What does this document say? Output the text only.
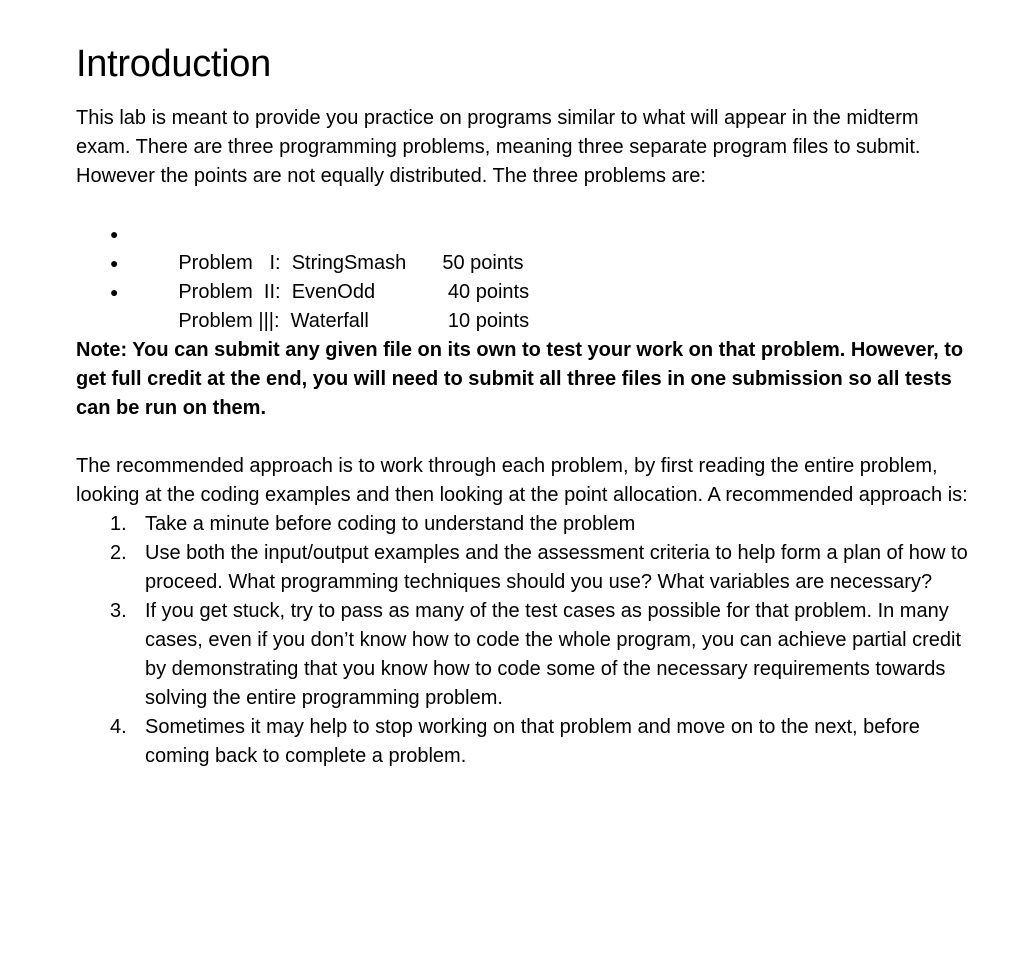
Introduction

This lab is meant to provide you practice on programs similar to what will appear in the midterm exam. There are three programming problems, meaning three separate program files to submit. However the points are not equally distributed. The three problems are:

●
Problem   I:  StringSmash 50 points

●
Problem  II:  EvenOdd	40 points

●
Problem |||:  Waterfall	10 points

Note: You can submit any given file on its own to test your work on that problem. However, to get full credit at the end, you will need to submit all three files in one submission so all tests can be run on them.

The recommended approach is to work through each problem, by first reading the entire problem, looking at the coding examples and then looking at the point allocation. A recommended approach is:

1. Take a minute before coding to understand the problem
2. Use both the input/output examples and the assessment criteria to help form a plan of how to proceed. What programming techniques should you use? What variables are necessary?
3. If you get stuck, try to pass as many of the test cases as possible for that problem. In many cases, even if you don’t know how to code the whole program, you can achieve partial credit by demonstrating that you know how to code some of the necessary requirements towards solving the entire programming problem.
4. Sometimes it may help to stop working on that problem and move on to the next, before coming back to complete a problem.
